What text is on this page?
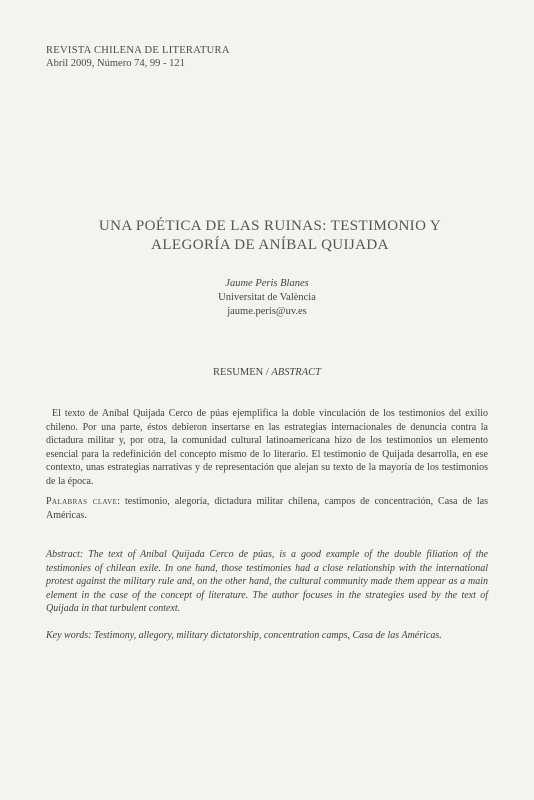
REVISTA CHILENA DE LITERATURA
Abril 2009, Número 74, 99 - 121
UNA POÉTICA DE LAS RUINAS: TESTIMONIO Y
ALEGORÍA DE ANÍBAL QUIJADA
Jaume Peris Blanes
Universitat de València
jaume.peris@uv.es
RESUMEN / ABSTRACT

El texto de Aníbal Quijada Cerco de púas ejemplifica la doble vinculación de los testimonios del exilio chileno. Por una parte, éstos debieron insertarse en las estrategias internacionales de denuncia contra la dictadura militar y, por otra, la comunidad cultural latinoamericana hizo de los testimonios un elemento esencial para la redefinición del concepto mismo de lo literario. El testimonio de Quijada desarrolla, en ese contexto, unas estrategias narrativas y de representación que alejan su texto de la mayoría de los testimonios de la época.

Palabras clave: testimonio, alegoría, dictadura militar chilena, campos de concentración, Casa de las Américas.

Abstract: The text of Aníbal Quijada Cerco de púas, is a good example of the double filiation of the testimonies of chilean exile. In one hand, those testimonies had a close relationship with the international protest against the military rule and, on the other hand, the cultural community made them appear as a main element in the case of the concept of literature. The author focuses in the strategies used by the text of Quijada in that turbulent context.

Key words: Testimony, allegory, military dictatorship, concentration camps, Casa de las Américas.
